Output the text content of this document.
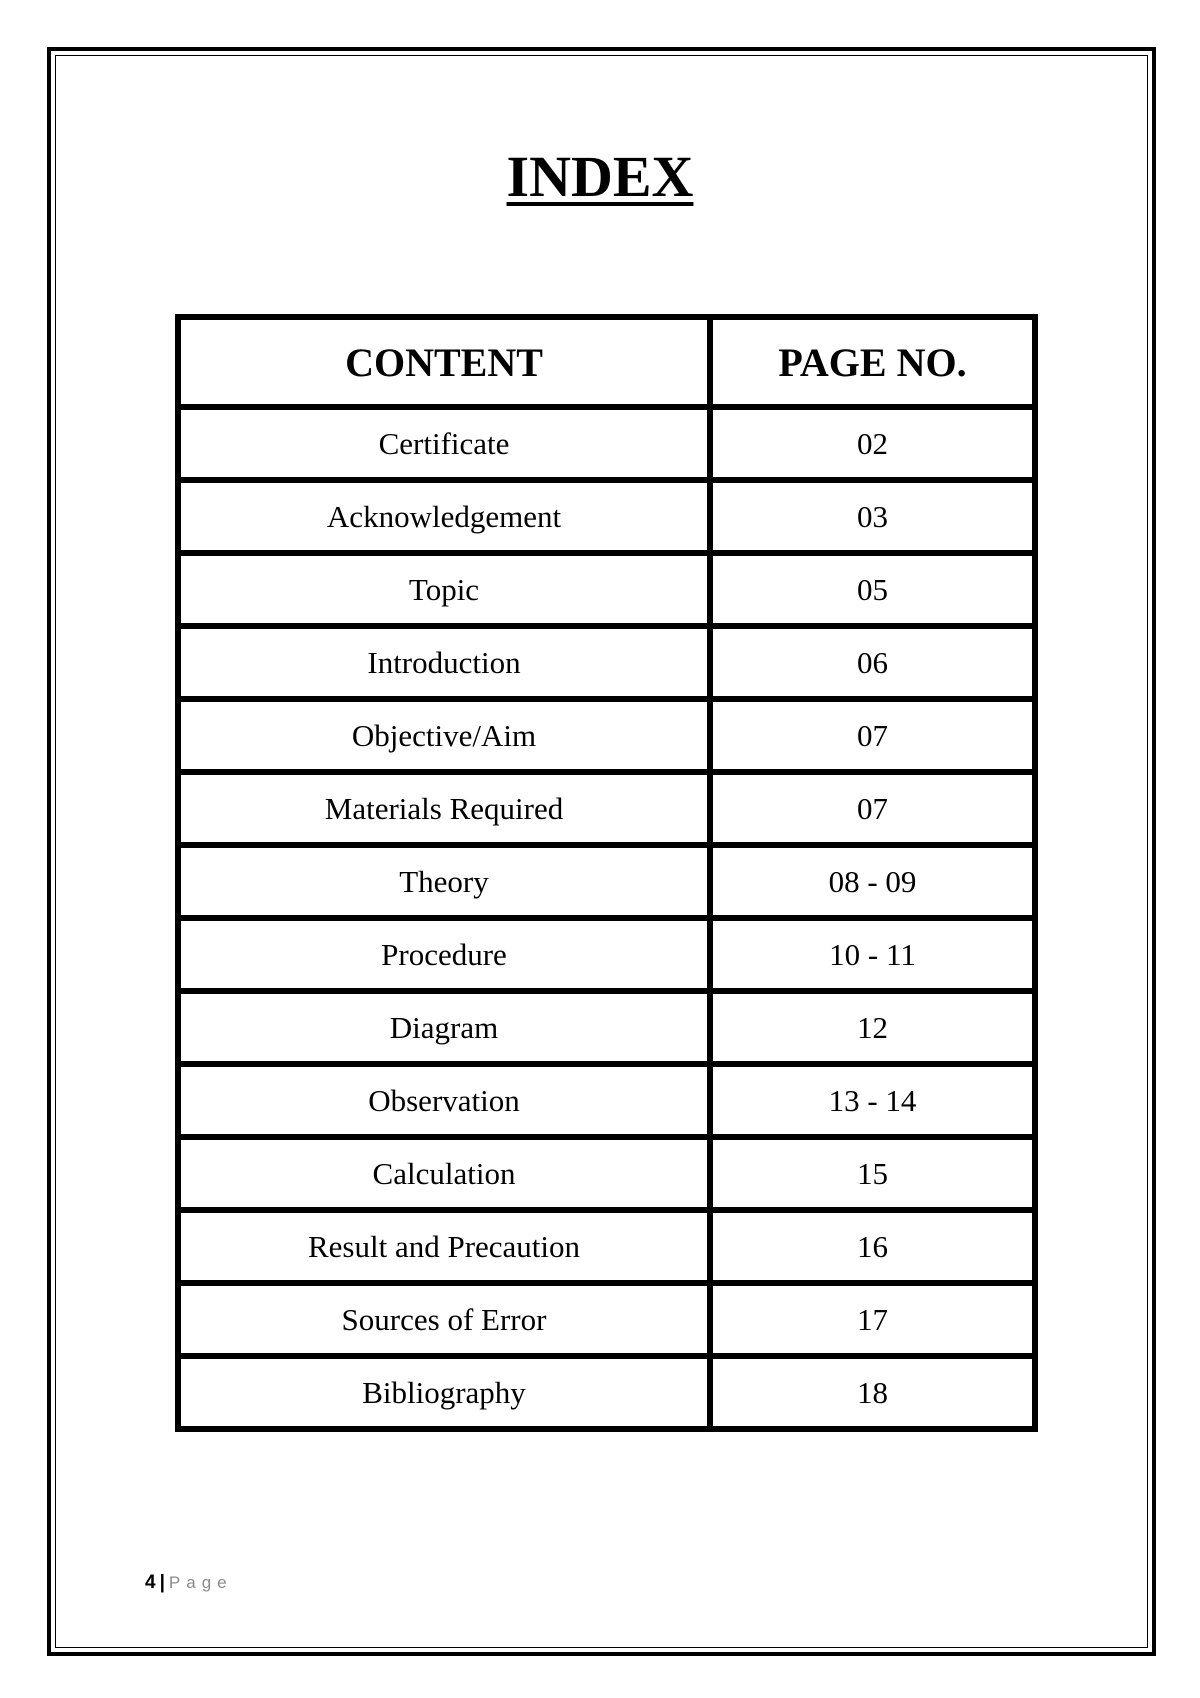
INDEX
CONTENT	PAGE NO.
Certificate	02
Acknowledgement	03
Topic	05
Introduction	06
Objective/Aim	07
Materials Required	07
Theory	08 - 09
Procedure	10 - 11
Diagram	12
Observation	13 - 14
Calculation	15
Result and Precaution	16
Sources of Error	17
Bibliography	18
4 | Page
